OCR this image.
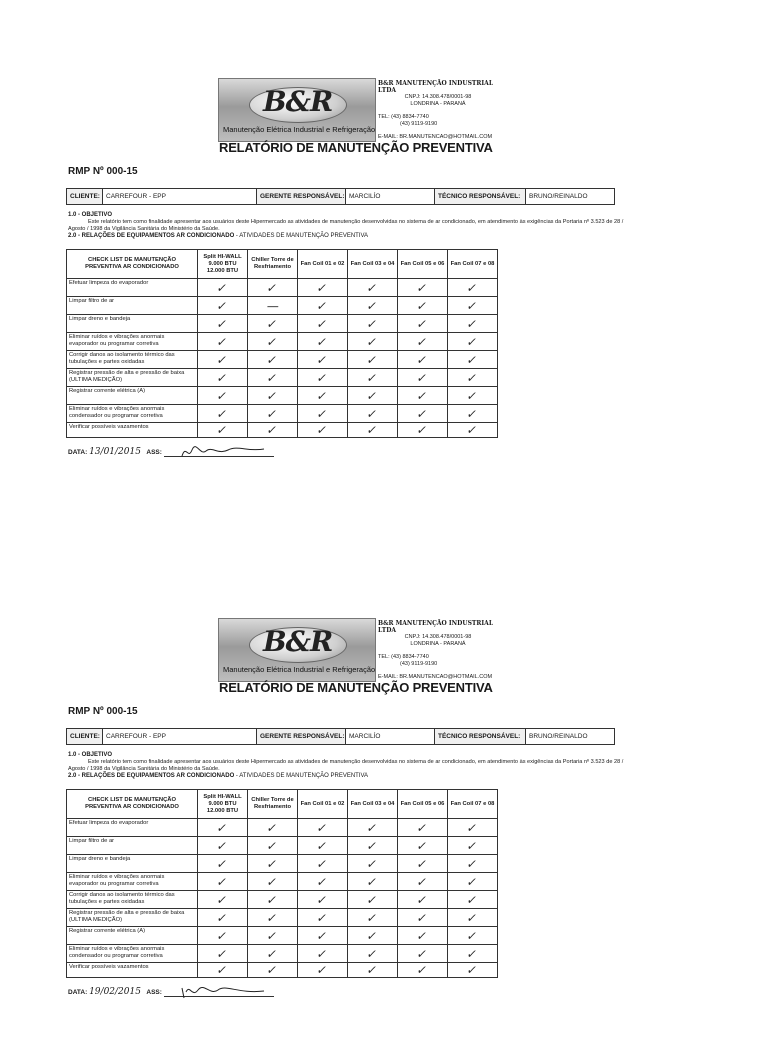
B&R
Manutenção Elétrica Industrial e Refrigeração
B&R MANUTENÇÃO INDUSTRIAL LTDA
CNPJ: 14.308.478/0001-98
LONDRINA - PARANÁ
TEL: (43) 8834-7740
(43) 9119-9190
E-MAIL: BR.MANUTENCAO@HOTMAIL.COM
RELATÓRIO DE MANUTENÇÃO PREVENTIVA
RMP Nº 000-15
CLIENTE: CARREFOUR - EPP	GERENTE RESPONSÁVEL: MARCILÍO	TÉCNICO RESPONSÁVEL:	BRUNO/REINALDO
1.0 - OBJETIVO
Este relatório tem como finalidade apresentar aos usuários deste Hipermercado as atividades de manutenção desenvolvidas no sistema de ar condicionado, em atendimento às exigências da Portaria nº 3.523 de 28 / Agosto / 1998 da Vigilância Sanitária do Ministério da Saúde.
2.0 - RELAÇÕES DE EQUIPAMENTOS AR CONDICIONADO - ATIVIDADES DE MANUTENÇÃO PREVENTIVA
CHECK LIST DE MANUTENÇÃO PREVENTIVA AR CONDICIONADO	Split HI-WALL 9.000 BTU 12.000 BTU	Chiller Torre de Resfriamento	Fan Coil 01 e 02	Fan Coil 03 e 04	Fan Coil 05 e 06	Fan Coil 07 e 08
Efetuar limpeza do evaporador	✓	✓	✓	✓	✓	✓
Limpar filtro de ar	✓	—	✓	✓	✓	✓
Limpar dreno e bandeja	✓	✓	✓	✓	✓	✓
Eliminar ruídos e vibrações anormais evaporador ou programar corretiva	✓	✓	✓	✓	✓	✓
Corrigir danos ao isolamento térmico das tubulações e partes oxidadas	✓	✓	✓	✓	✓	✓
Registrar pressão de alta e pressão de baixa (ULTIMA MEDIÇÃO)	✓	✓	✓	✓	✓	✓
Registrar corrente elétrica (A)	✓	✓	✓	✓	✓	✓
Eliminar ruídos e vibrações anormais condensador ou programar corretiva	✓	✓	✓	✓	✓	✓
Verificar possíveis vazamentos	✓	✓	✓	✓	✓	✓
DATA: 13/01/2015 ASS:
B&R
Manutenção Elétrica Industrial e Refrigeração
B&R MANUTENÇÃO INDUSTRIAL LTDA
CNPJ: 14.308.478/0001-98
LONDRINA - PARANÁ
TEL: (43) 8834-7740
(43) 9119-9190
E-MAIL: BR.MANUTENCAO@HOTMAIL.COM
RELATÓRIO DE MANUTENÇÃO PREVENTIVA
RMP Nº 000-15
CLIENTE: CARREFOUR - EPP	GERENTE RESPONSÁVEL: MARCILÍO	TÉCNICO RESPONSÁVEL:	BRUNO/REINALDO
1.0 - OBJETIVO
Este relatório tem como finalidade apresentar aos usuários deste Hipermercado as atividades de manutenção desenvolvidas no sistema de ar condicionado, em atendimento às exigências da Portaria nº 3.523 de 28 / Agosto / 1998 da Vigilância Sanitária do Ministério da Saúde.
2.0 - RELAÇÕES DE EQUIPAMENTOS AR CONDICIONADO - ATIVIDADES DE MANUTENÇÃO PREVENTIVA
CHECK LIST DE MANUTENÇÃO PREVENTIVA AR CONDICIONADO	Split HI-WALL 9.000 BTU 12.000 BTU	Chiller Torre de Resfriamento	Fan Coil 01 e 02	Fan Coil 03 e 04	Fan Coil 05 e 06	Fan Coil 07 e 08
Efetuar limpeza do evaporador	✓	✓	✓	✓	✓	✓
Limpar filtro de ar	✓	✓	✓	✓	✓	✓
Limpar dreno e bandeja	✓	✓	✓	✓	✓	✓
Eliminar ruídos e vibrações anormais evaporador ou programar corretiva	✓	✓	✓	✓	✓	✓
Corrigir danos ao isolamento térmico das tubulações e partes oxidadas	✓	✓	✓	✓	✓	✓
Registrar pressão de alta e pressão de baixa (ULTIMA MEDIÇÃO)	✓	✓	✓	✓	✓	✓
Registrar corrente elétrica (A)	✓	✓	✓	✓	✓	✓
Eliminar ruídos e vibrações anormais condensador ou programar corretiva	✓	✓	✓	✓	✓	✓
Verificar possíveis vazamentos	✓	✓	✓	✓	✓	✓
DATA: 19/02/2015 ASS:
